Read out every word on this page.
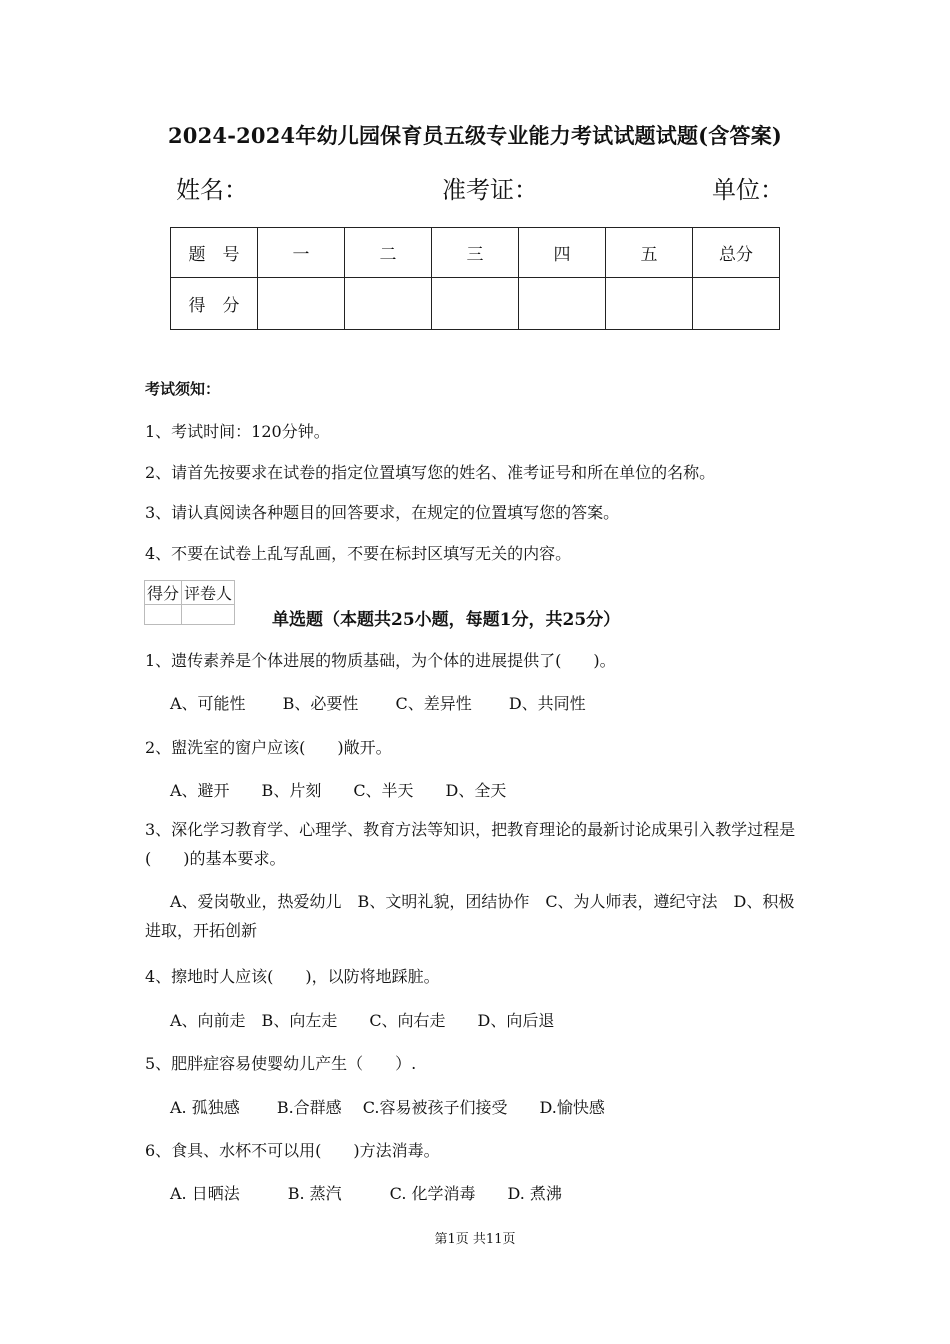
2024-2024年幼儿园保育员五级专业能力考试试题试题(含答案)
姓名：	准考证：	单位：
题　号	一	二	三	四	五	总分
得　分						
考试须知：
1、考试时间：120分钟。
2、请首先按要求在试卷的指定位置填写您的姓名、准考证号和所在单位的名称。
3、请认真阅读各种题目的回答要求，在规定的位置填写您的答案。
4、不要在试卷上乱写乱画，不要在标封区填写无关的内容。
得分	评卷人

单选题（本题共25小题，每题1分，共25分）
1、遗传素养是个体进展的物质基础，为个体的进展提供了(　　)。
A、可能性　　 B、必要性　　 C、差异性　　 D、共同性
2、盥洗室的窗户应该(　　)敞开。
A、避开　　B、片刻　　C、半天　　D、全天
3、深化学习教育学、心理学、教育方法等知识，把教育理论的最新讨论成果引入教学过程是(　　)的基本要求。
A、爱岗敬业，热爱幼儿　B、文明礼貌，团结协作　C、为人师表，遵纪守法　D、积极进取，开拓创新
4、擦地时人应该(　　)，以防将地踩脏。
A、向前走　B、向左走　　C、向右走　　D、向后退
5、肥胖症容易使婴幼儿产生（　　）.
A. 孤独感　　 B.合群感　 C.容易被孩子们接受　　D.愉快感
6、食具、水杯不可以用(　　)方法消毒。
A. 日晒法　　　B. 蒸汽　　　C. 化学消毒　　D. 煮沸
第1页 共11页
